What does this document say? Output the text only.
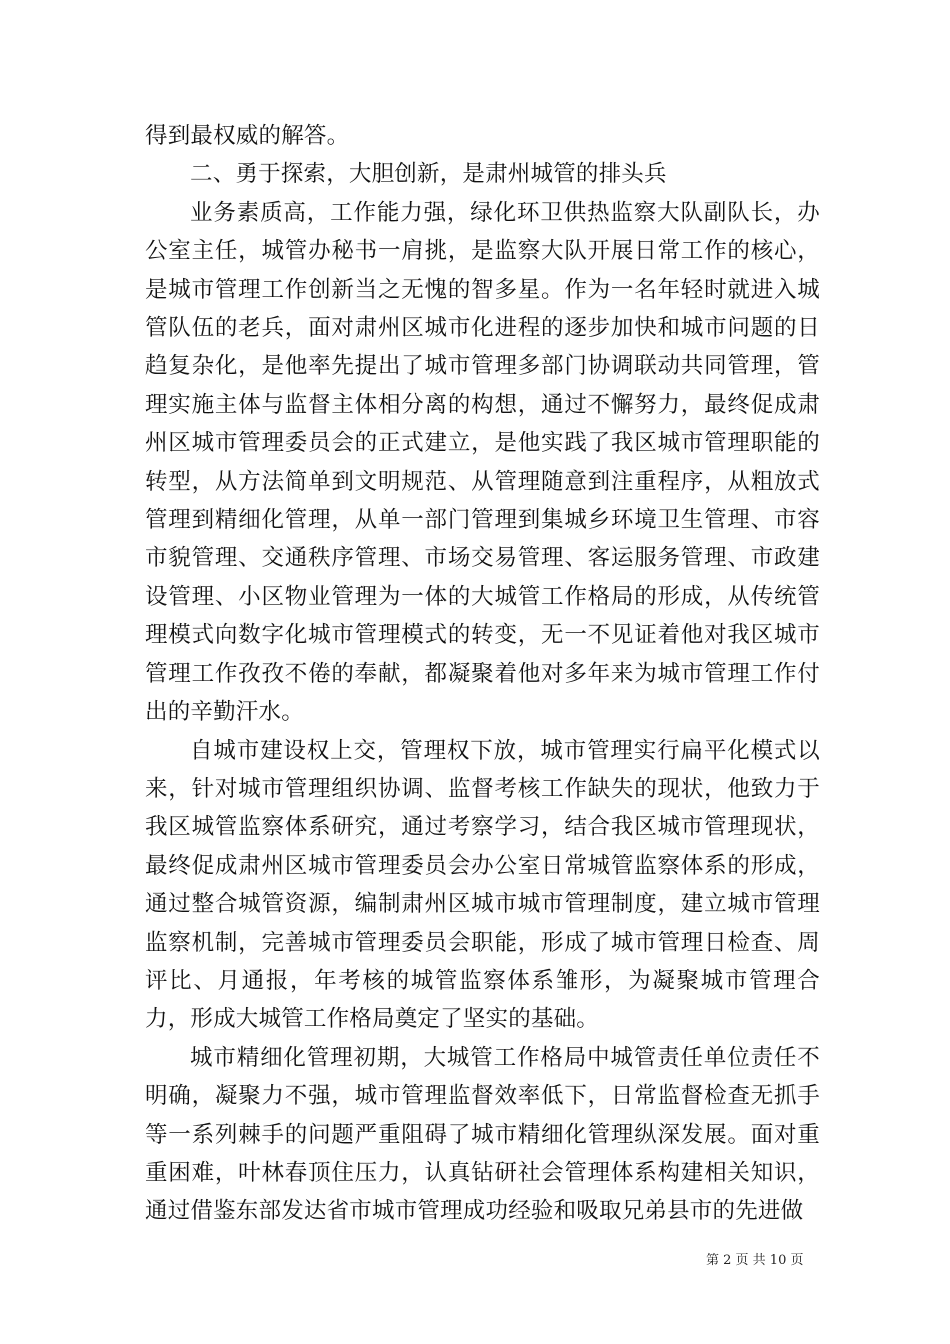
得到最权威的解答。

二、勇于探索，大胆创新，是肃州城管的排头兵

业务素质高，工作能力强，绿化环卫供热监察大队副队长，办公室主任，城管办秘书一肩挑，是监察大队开展日常工作的核心，是城市管理工作创新当之无愧的智多星。作为一名年轻时就进入城管队伍的老兵，面对肃州区城市化进程的逐步加快和城市问题的日趋复杂化，是他率先提出了城市管理多部门协调联动共同管理，管理实施主体与监督主体相分离的构想，通过不懈努力，最终促成肃州区城市管理委员会的正式建立，是他实践了我区城市管理职能的转型，从方法简单到文明规范、从管理随意到注重程序，从粗放式管理到精细化管理，从单一部门管理到集城乡环境卫生管理、市容市貌管理、交通秩序管理、市场交易管理、客运服务管理、市政建设管理、小区物业管理为一体的大城管工作格局的形成，从传统管理模式向数字化城市管理模式的转变，无一不见证着他对我区城市管理工作孜孜不倦的奉献，都凝聚着他对多年来为城市管理工作付出的辛勤汗水。

自城市建设权上交，管理权下放，城市管理实行扁平化模式以来，针对城市管理组织协调、监督考核工作缺失的现状，他致力于我区城管监察体系研究，通过考察学习，结合我区城市管理现状，最终促成肃州区城市管理委员会办公室日常城管监察体系的形成，通过整合城管资源，编制肃州区城市城市管理制度，建立城市管理监察机制，完善城市管理委员会职能，形成了城市管理日检查、周评比、月通报，年考核的城管监察体系雏形，为凝聚城市管理合力，形成大城管工作格局奠定了坚实的基础。

城市精细化管理初期，大城管工作格局中城管责任单位责任不明确，凝聚力不强，城市管理监督效率低下，日常监督检查无抓手等一系列棘手的问题严重阻碍了城市精细化管理纵深发展。面对重重困难，叶林春顶住压力，认真钻研社会管理体系构建相关知识，通过借鉴东部发达省市城市管理成功经验和吸取兄弟县市的先进做

第 2 页 共 10 页
